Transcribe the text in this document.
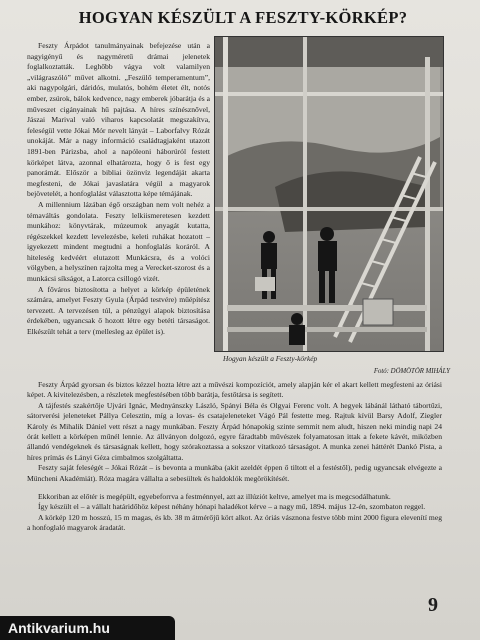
HOGYAN KÉSZÜLT A FESZTY-KÖRKÉP?

Feszty Árpádot tanulmányainak befejezése után a nagyigényű és nagyméretű drámai jelenetek foglalkoztatták. Leghőbb vágya volt valamilyen „világraszóló” művet alkotni. „Feszülő temperamentum”, aki nagypolgári, dáridós, mulatós, bohém életet élt, notós ember, zsúrok, bálok kedvence, nagy emberek jóbarátja és a műveszet cigányainak hű pajtása. A híres színésznővel, Jászai Marival való viharos kapcsolatát megszakítva, feleségül vette Jókai Mór nevelt lányát – Laborfalvy Rózát unokáját. Már a nagy információ családtagjaként utazott 1891-ben Párizsba, ahol a napóleoni háborúról festett körképet látva, azonnal elhatározta, hogy ő is fest egy panorámát. Először a bibliai özönvíz legendáját akarta megfesteni, de Jókai javaslatára végül a magyarok bejövetelét, a honfoglalást választotta képe témájának.

A millennium lázában égő országban nem volt nehéz a témaváltás gondolata. Feszty lelkiismeretesen kezdett munkához: könyvtárak, múzeumok anyagát kutatta, régészekkel kezdett levelezésbe, keleti ruhákat hozatott – igyekezett mindent megtudni a honfoglalás koráról. A hiteleség kedvéért elutazott Munkácsra, és a volóci völgyben, a helyszínen rajzolta meg a Verecket-szorost és a munkácsi síkságot, a Latorca csillogó vizét.

A főváros biztosította a helyet a körkép épületének számára, amelyet Feszty Gyula (Árpád testvére) műépítész tervezett. A tervezésen túl, a pénzügyi alapok biztosítása érdekében, ugyancsak ő hozott létre egy betéti társaságot. Elkészült tehát a terv (mellesleg az épület is).

Hogyan készült a Feszty-körkép
Fotó: DÖMÖTÖR MIHÁLY

Feszty Árpád gyorsan és biztos kézzel hozta létre azt a művészi kompozíciót, amely alapján kér el akart kellett megfesteni az óriási képet. A kivitelezésben, a részletek megfestésében több barátja, festőtársa is segített.

A tájfestés szakértője Ujvári Ignác, Mednyánszky László, Spányi Béla és Olgyai Ferenc volt. A hegyek lábánál látható tábortűzi, sátorverési jeleneteket Pállya Celesztin, míg a lovas- és csatajeleneteket Vágó Pál festette meg. Rajtuk kívül Barsy Adolf, Ziegler Károly és Mihalik Dániel vett részt a nagy munkában. Feszty Árpád hónapokig szinte semmit nem aludt, hiszen neki mindig napi 24 órát kellett a körképen műnél lennie. Az állványon dolgozó, egyre fáradtabb művészek folyamatosan ittak a fekete kávét, miközben állandó vendégeknek és társaságnak kellett, hogy szórakoztassa a sokszor vitatkozó társaságot. A munka zenei háttérét Dankó Pista, a híres prímás és Lányi Géza cimbalmos szolgáltatta.

Feszty saját feleségét – Jókai Rózát – is bevonta a munkába (akit azeldét éppen ő tiltott el a festéstől), pedig ugyancsak elvégezte a Müncheni Akadémiát). Róza magára vállalta a sebesültek és haldoklók megörökítését.

Ekkoriban az előtér is megépült, egyebeforrva a festménnyel, azt az illúziót keltve, amelyet ma is megcsodálhatunk.

Így készült el – a vállalt határidőhöz képest néhány hónapi haladékot kérve – a nagy mű, 1894. május 12-én, szombaton reggel.

A körkép 120 m hosszú, 15 m magas, és kb. 38 m átmérőjű kört alkot. Az óriás vásznona festve több mint 2000 figura elevenítí meg a honfoglaló magyarok áradatát.

9
Antikvarium.hu
